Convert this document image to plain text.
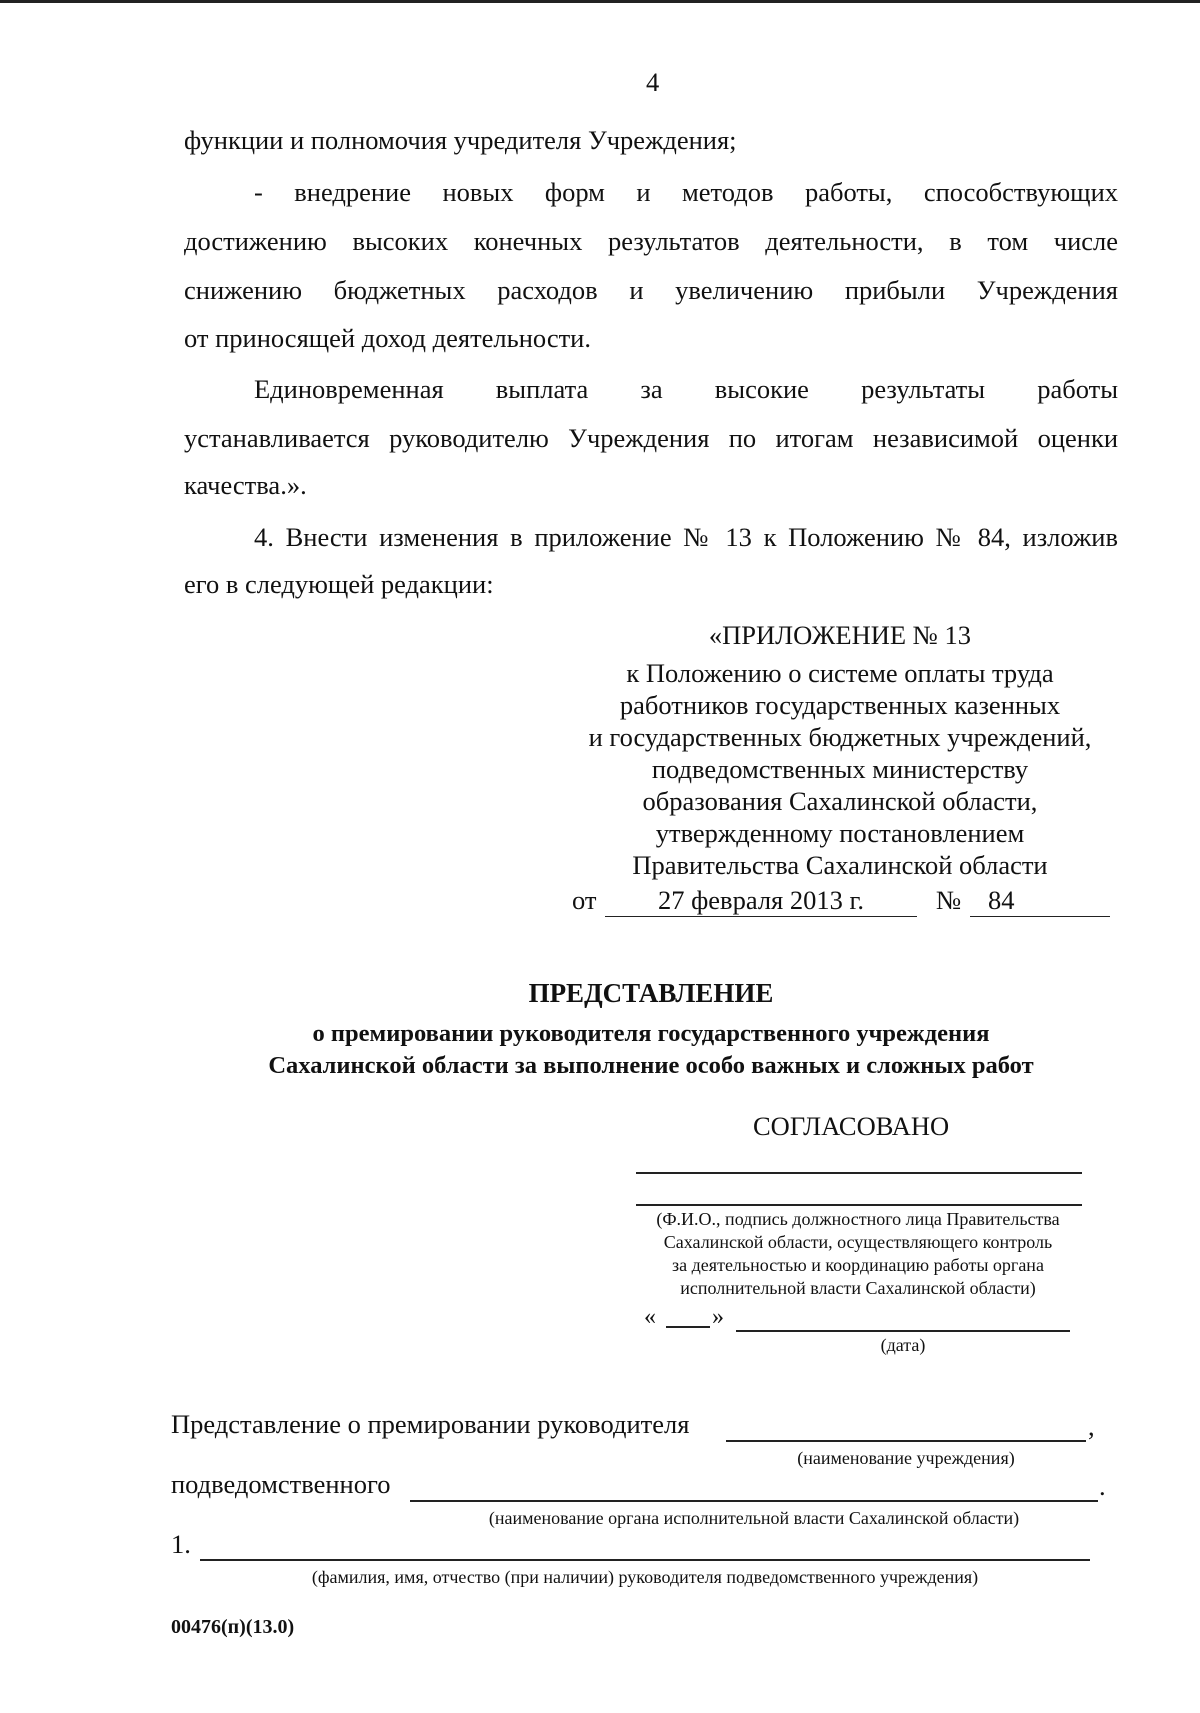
4
функции и полномочия учредителя Учреждения;
- внедрение новых форм и методов работы, способствующих
достижению высоких конечных результатов деятельности, в том числе
снижению бюджетных расходов и увеличению прибыли Учреждения
от приносящей доход деятельности.
Единовременная выплата за высокие результаты работы
устанавливается руководителю Учреждения по итогам независимой оценки
качества.».
4. Внести изменения в приложение № 13 к Положению № 84, изложив
его в следующей редакции:
«ПРИЛОЖЕНИЕ № 13
к Положению о системе оплаты труда
работников государственных казенных
и государственных бюджетных учреждений,
подведомственных министерству
образования Сахалинской области,
утвержденному постановлением
Правительства Сахалинской области
от	27 февраля 2013 г.	№	84
ПРЕДСТАВЛЕНИЕ
о премировании руководителя государственного учреждения
Сахалинской области за выполнение особо важных и сложных работ
СОГЛАСОВАНО
(Ф.И.О., подпись должностного лица Правительства
Сахалинской области, осуществляющего контроль
за деятельностью и координацию работы органа
исполнительной власти Сахалинской области)
« »
(дата)
Представление о премировании руководителя	,
(наименование учреждения)
подведомственного	.
(наименование органа исполнительной власти Сахалинской области)
1.
(фамилия, имя, отчество (при наличии) руководителя подведомственного учреждения)
00476(п)(13.0)
